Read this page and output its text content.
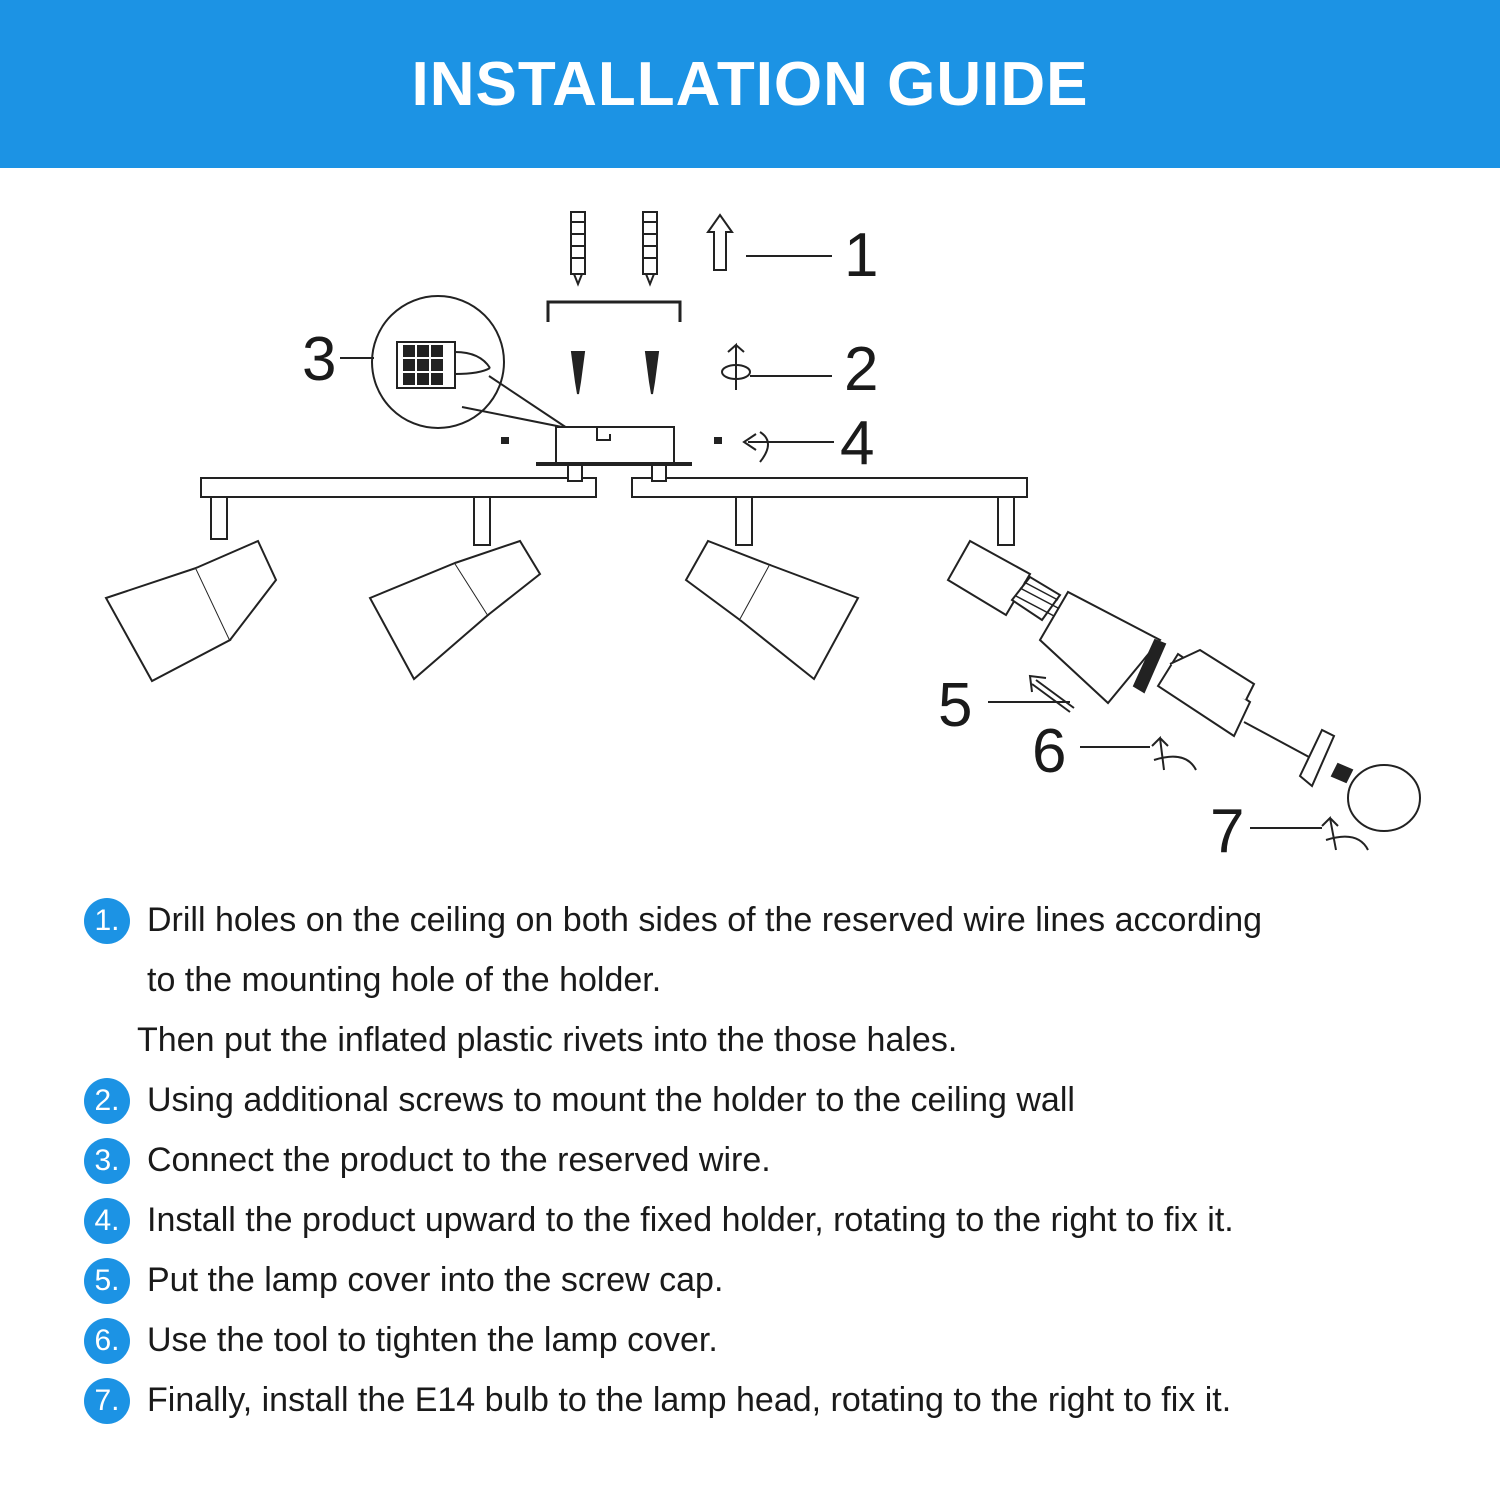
INSTALLATION GUIDE
1
2
3
4
5
6
7
1. Drill holes on the ceiling on both sides of the reserved wire lines according
to the mounting hole of the holder.
Then put the inflated plastic rivets into the those hales.
2. Using additional screws to mount the holder to the ceiling wall
3. Connect the product to the reserved wire.
4. Install the product upward to the fixed holder, rotating to the right to fix it.
5. Put the lamp cover into the screw cap.
6. Use the tool to tighten the lamp cover.
7. Finally, install the E14 bulb to the lamp head, rotating to the right to fix it.
